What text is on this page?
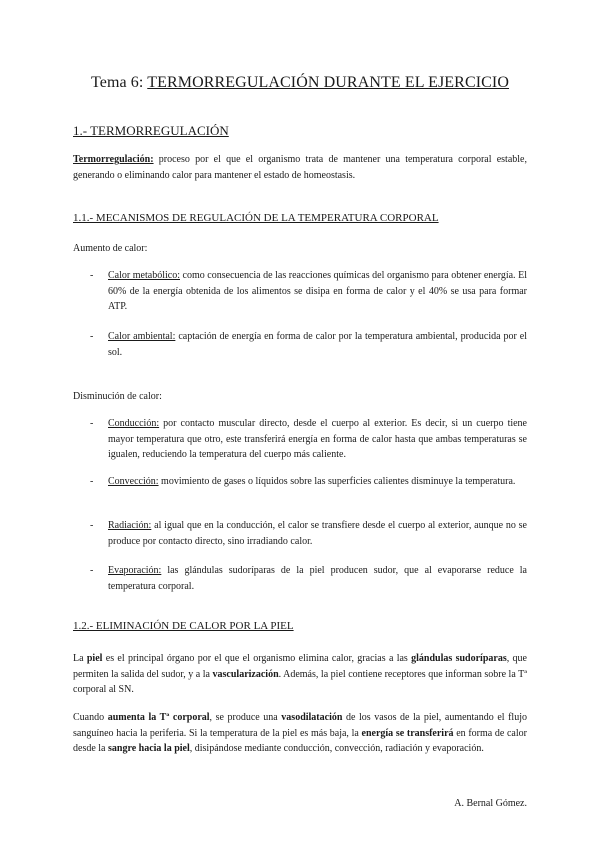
Tema 6: TERMORREGULACIÓN DURANTE EL EJERCICIO
1.- TERMORREGULACIÓN
Termorregulación: proceso por el que el organismo trata de mantener una temperatura corporal estable, generando o eliminando calor para mantener el estado de homeostasis.
1.1.- MECANISMOS DE REGULACIÓN DE LA TEMPERATURA CORPORAL
Aumento de calor:
- Calor metabólico: como consecuencia de las reacciones químicas del organismo para obtener energía. El 60% de la energía obtenida de los alimentos se disipa en forma de calor y el 40% se usa para formar ATP.
- Calor ambiental: captación de energía en forma de calor por la temperatura ambiental, producida por el sol.
Disminución de calor:
- Conducción: por contacto muscular directo, desde el cuerpo al exterior. Es decir, si un cuerpo tiene mayor temperatura que otro, este transferirá energía en forma de calor hasta que ambas temperaturas se igualen, reduciendo la temperatura del cuerpo más caliente.
- Convección: movimiento de gases o líquidos sobre las superficies calientes disminuye la temperatura.
- Radiación: al igual que en la conducción, el calor se transfiere desde el cuerpo al exterior, aunque no se produce por contacto directo, sino irradiando calor.
- Evaporación: las glándulas sudoríparas de la piel producen sudor, que al evaporarse reduce la temperatura corporal.
1.2.- ELIMINACIÓN DE CALOR POR LA PIEL
La piel es el principal órgano por el que el organismo elimina calor, gracias a las glándulas sudoríparas, que permiten la salida del sudor, y a la vascularización. Además, la piel contiene receptores que informan sobre la Tª corporal al SN.
Cuando aumenta la Tª corporal, se produce una vasodilatación de los vasos de la piel, aumentando el flujo sanguíneo hacia la periferia. Si la temperatura de la piel es más baja, la energía se transferirá en forma de calor desde la sangre hacia la piel, disipándose mediante conducción, convección, radiación y evaporación.
A. Bernal Gómez.
